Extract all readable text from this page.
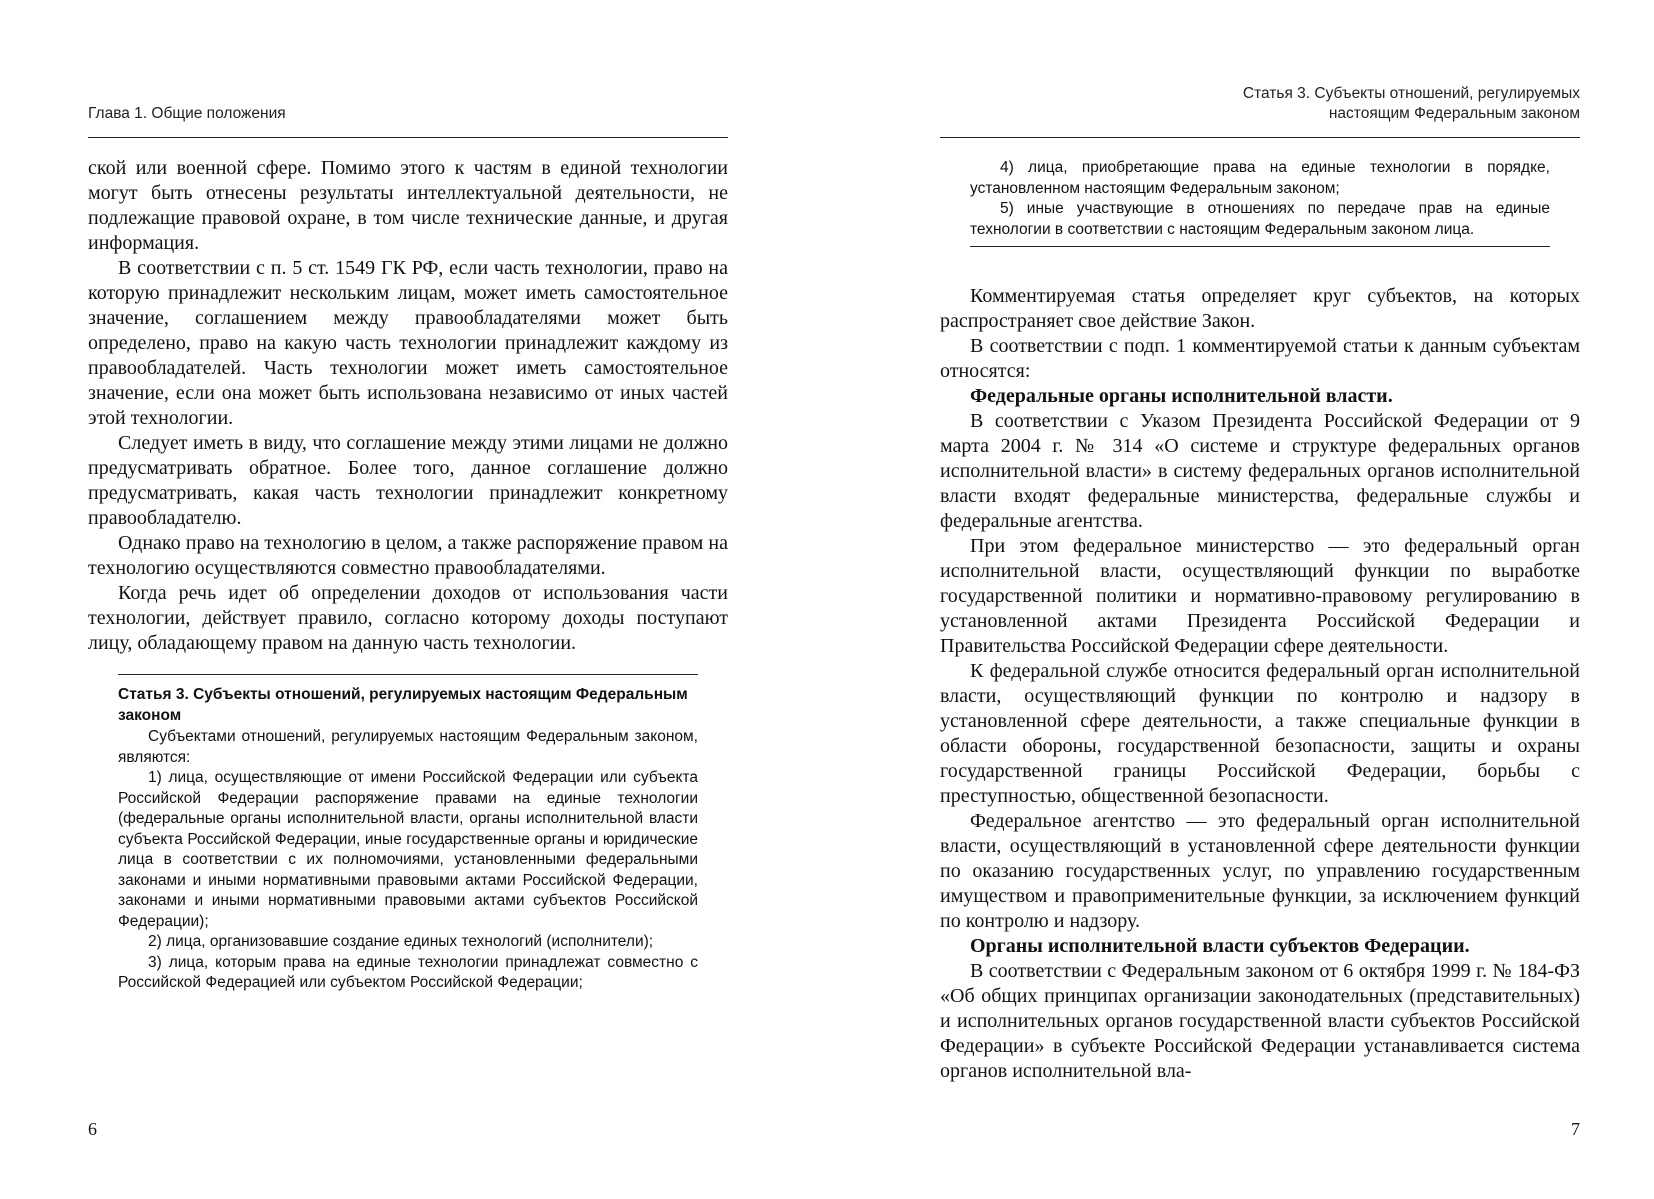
Глава 1. Общие положения

ской или военной сфере. Помимо этого к частям в единой технологии могут быть отнесены результаты интеллектуальной деятельности, не подлежащие правовой охране, в том числе технические данные, и другая информация.

В соответствии с п. 5 ст. 1549 ГК РФ, если часть технологии, право на которую принадлежит нескольким лицам, может иметь самостоятельное значение, соглашением между правообладателями может быть определено, право на какую часть технологии принадлежит каждому из правообладателей. Часть технологии может иметь самостоятельное значение, если она может быть использована независимо от иных частей этой технологии.

Следует иметь в виду, что соглашение между этими лицами не должно предусматривать обратное. Более того, данное соглашение должно предусматривать, какая часть технологии принадлежит конкретному правообладателю.

Однако право на технологию в целом, а также распоряжение правом на технологию осуществляются совместно правообладателями.

Когда речь идет об определении доходов от использования части технологии, действует правило, согласно которому доходы поступают лицу, обладающему правом на данную часть технологии.

Статья 3. Субъекты отношений, регулируемых настоящим Федеральным законом

Субъектами отношений, регулируемых настоящим Федеральным законом, являются:

1) лица, осуществляющие от имени Российской Федерации или субъекта Российской Федерации распоряжение правами на единые технологии (федеральные органы исполнительной власти, органы исполнительной власти субъекта Российской Федерации, иные государственные органы и юридические лица в соответствии с их полномочиями, установленными федеральными законами и иными нормативными правовыми актами Российской Федерации, законами и иными нормативными правовыми актами субъектов Российской Федерации);

2) лица, организовавшие создание единых технологий (исполнители);

3) лица, которым права на единые технологии принадлежат совместно с Российской Федерацией или субъектом Российской Федерации;

6
Статья 3. Субъекты отношений, регулируемых
настоящим Федеральным законом

4) лица, приобретающие права на единые технологии в порядке, установленном настоящим Федеральным законом;

5) иные участвующие в отношениях по передаче прав на единые технологии в соответствии с настоящим Федеральным законом лица.

Комментируемая статья определяет круг субъектов, на которых распространяет свое действие Закон.

В соответствии с подп. 1 комментируемой статьи к данным субъектам относятся:

Федеральные органы исполнительной власти.

В соответствии с Указом Президента Российской Федерации от 9 марта 2004 г. № 314 «О системе и структуре федеральных органов исполнительной власти» в систему федеральных органов исполнительной власти входят федеральные министерства, федеральные службы и федеральные агентства.

При этом федеральное министерство — это федеральный орган исполнительной власти, осуществляющий функции по выработке государственной политики и нормативно-правовому регулированию в установленной актами Президента Российской Федерации и Правительства Российской Федерации сфере деятельности.

К федеральной службе относится федеральный орган исполнительной власти, осуществляющий функции по контролю и надзору в установленной сфере деятельности, а также специальные функции в области обороны, государственной безопасности, защиты и охраны государственной границы Российской Федерации, борьбы с преступностью, общественной безопасности.

Федеральное агентство — это федеральный орган исполнительной власти, осуществляющий в установленной сфере деятельности функции по оказанию государственных услуг, по управлению государственным имуществом и правоприменительные функции, за исключением функций по контролю и надзору.

Органы исполнительной власти субъектов Федерации.

В соответствии с Федеральным законом от 6 октября 1999 г. № 184-ФЗ «Об общих принципах организации законодательных (представительных) и исполнительных органов государственной власти субъектов Российской Федерации» в субъекте Российской Федерации устанавливается система органов исполнительной вла-

7
